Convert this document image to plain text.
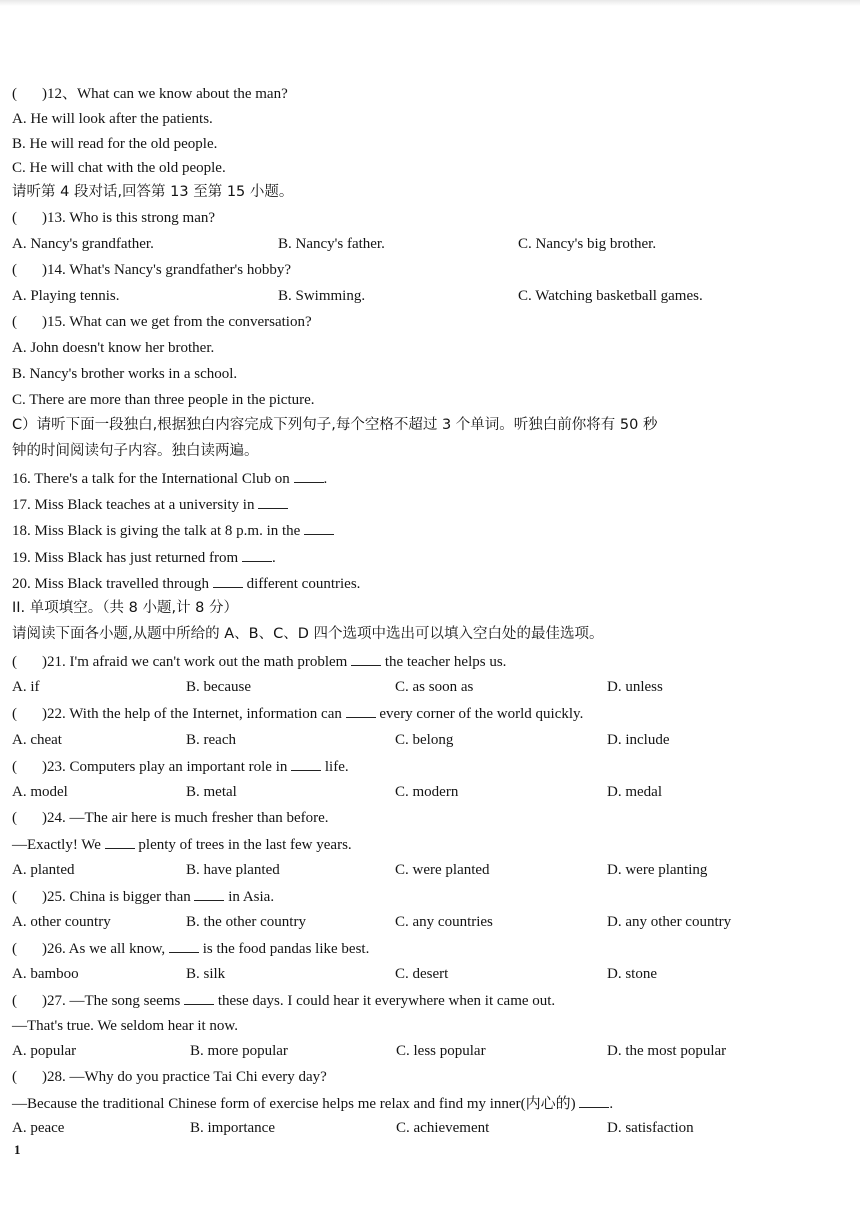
( )12、What can we know about the man?
A. He will look after the patients.
B. He will read for the old people.
C. He will chat with the old people.
请听第 4 段对话,回答第 13 至第 15 小题。
( )13. Who is this strong man?
A. Nancy's grandfather.	B. Nancy's father.	C. Nancy's big brother.
( )14. What's Nancy's grandfather's hobby?
A. Playing tennis.	B. Swimming.	C. Watching basketball games.
( )15. What can we get from the conversation?
A. John doesn't know her brother.
B. Nancy's brother works in a school.
C. There are more than three people in the picture.
C）请听下面一段独白,根据独白内容完成下列句子,每个空格不超过 3 个单词。听独白前你将有 50 秒
钟的时间阅读句子内容。独白读两遍。
16. There's a talk for the International Club on .
17. Miss Black teaches at a university in
18. Miss Black is giving the talk at 8 p.m. in the
19. Miss Black has just returned from .
20. Miss Black travelled through	different countries.
II. 单项填空。（共 8 小题,计 8 分）
请阅读下面各小题,从题中所给的 A、B、C、D 四个选项中选出可以填入空白处的最佳选项。
( )21. I'm afraid we can't work out the math problem	the teacher helps us.
A. if	B. because	C. as soon as	D. unless
( )22. With the help of the Internet, information can	every corner of the world quickly.
A. cheat	B. reach	C. belong	D. include
( )23. Computers play an important role in	life.
A. model	B. metal	C. modern	D. medal
( )24. —The air here is much fresher than before.
—Exactly! We	plenty of trees in the last few years.
A. planted	B. have planted	C. were planted	D. were planting
( )25. China is bigger than	in Asia.
A. other country	B. the other country	C. any countries	D. any other country
( )26. As we all know,	is the food pandas like best.
A. bamboo	B. silk	C. desert	D. stone
( )27. —The song seems	these days. I could hear it everywhere when it came out.
—That's true. We seldom hear it now.
A. popular	B. more popular	C. less popular	D. the most popular
( )28. —Why do you practice Tai Chi every day?
—Because the traditional Chinese form of exercise helps me relax and find my inner(内心的) .
A. peace	B. importance	C. achievement	D. satisfaction
1
